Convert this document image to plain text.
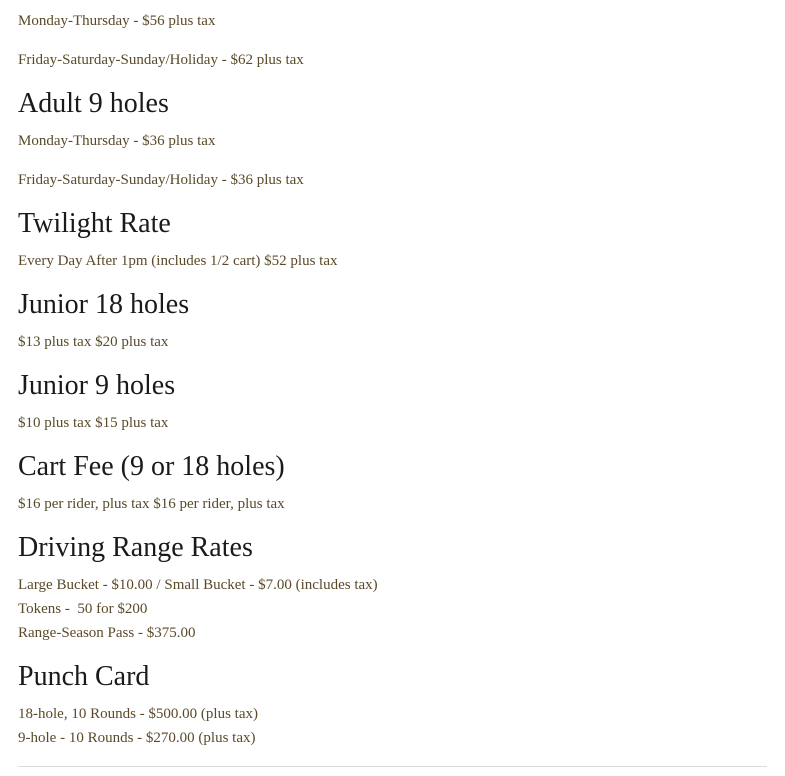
Monday-Thursday - $56 plus tax

Friday-Saturday-Sunday/Holiday - $62 plus tax

Adult 9 holes

Monday-Thursday - $36 plus tax

Friday-Saturday-Sunday/Holiday - $36 plus tax

Twilight Rate

Every Day After 1pm (includes 1/2 cart) $52 plus tax

Junior 18 holes

$13 plus tax $20 plus tax

Junior 9 holes

$10 plus tax $15 plus tax

Cart Fee (9 or 18 holes)

$16 per rider, plus tax $16 per rider, plus tax

Driving Range Rates

Large Bucket - $10.00 / Small Bucket - $7.00 (includes tax)

Tokens -  50 for $200

Range-Season Pass - $375.00

Punch Card

18-hole, 10 Rounds - $500.00 (plus tax)

9-hole - 10 Rounds - $270.00 (plus tax)
